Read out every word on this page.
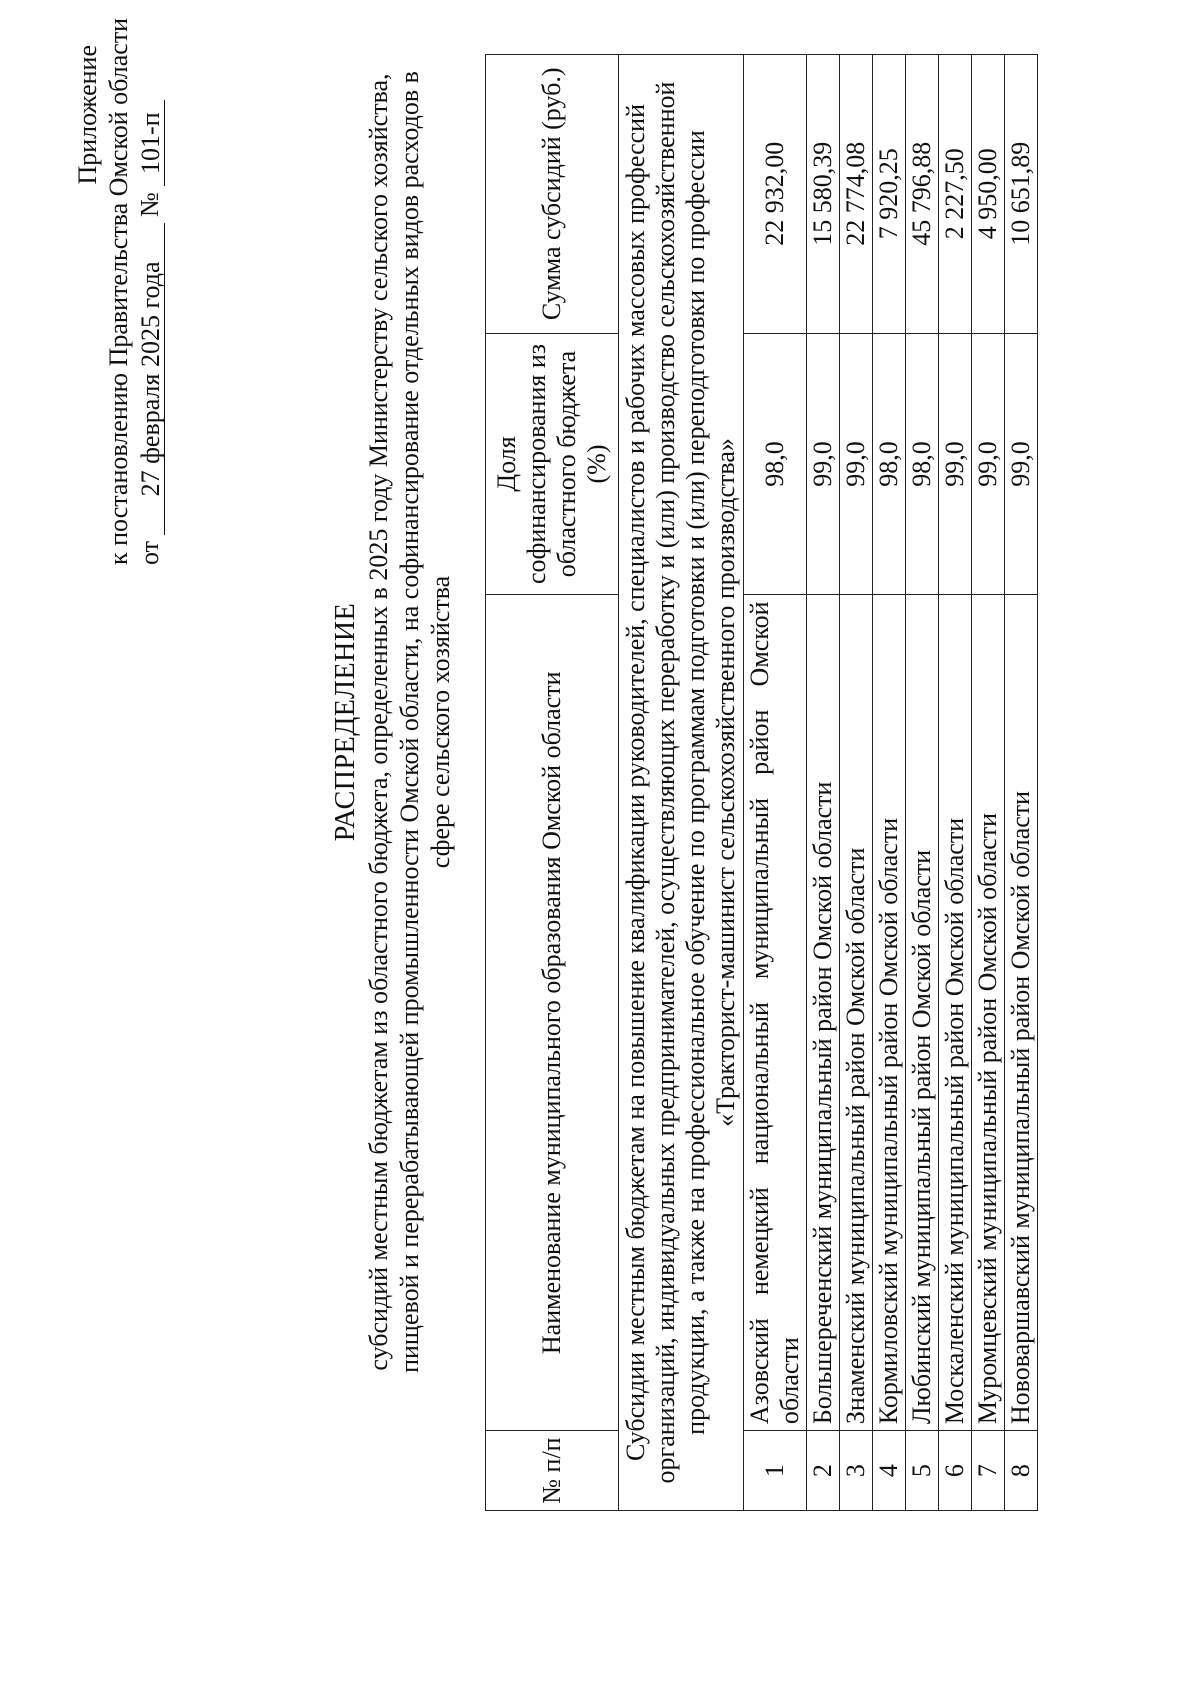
Приложение к постановлению Правительства Омской области от
27 февраля 2025 года
№
101-п
РАСПРЕДЕЛЕНИЕ субсидий местным бюджетам из областного бюджета, определенных в 2025 году Министерству сельского хозяйства, пищевой и перерабатывающей промышленности Омской области, на софинансирование отдельных видов расходов в сфере сельского хозяйства
№ п/п	Наименование муниципального образования Омской области	Доля софинансирования из областного бюджета (%)	Сумма субсидий (руб.)
Субсидии местным бюджетам на повышение квалификации руководителей, специалистов и рабочих массовых профессий организаций, индивидуальных предпринимателей, осуществляющих переработку и (или) производство сельскохозяйственной продукции, а также на профессиональное обучение по программам подготовки и (или) переподготовки по профессии «Тракторист-машинист сельскохозяйственного производства»			
1	Азовский немецкий национальный муниципальный район Омской области	98,0	22 932,00
2	Большереченский муниципальный район Омской области	99,0	15 580,39
3	Знаменский муниципальный район Омской области	99,0	22 774,08
4	Кормиловский муниципальный район Омской области	98,0	7 920,25
5	Любинский муниципальный район Омской области	98,0	45 796,88
6	Москаленский муниципальный район Омской области	99,0	2 227,50
7	Муромцевский муниципальный район Омской области	99,0	4 950,00
8	Нововаршавский муниципальный район Омской области	99,0	10 651,89
